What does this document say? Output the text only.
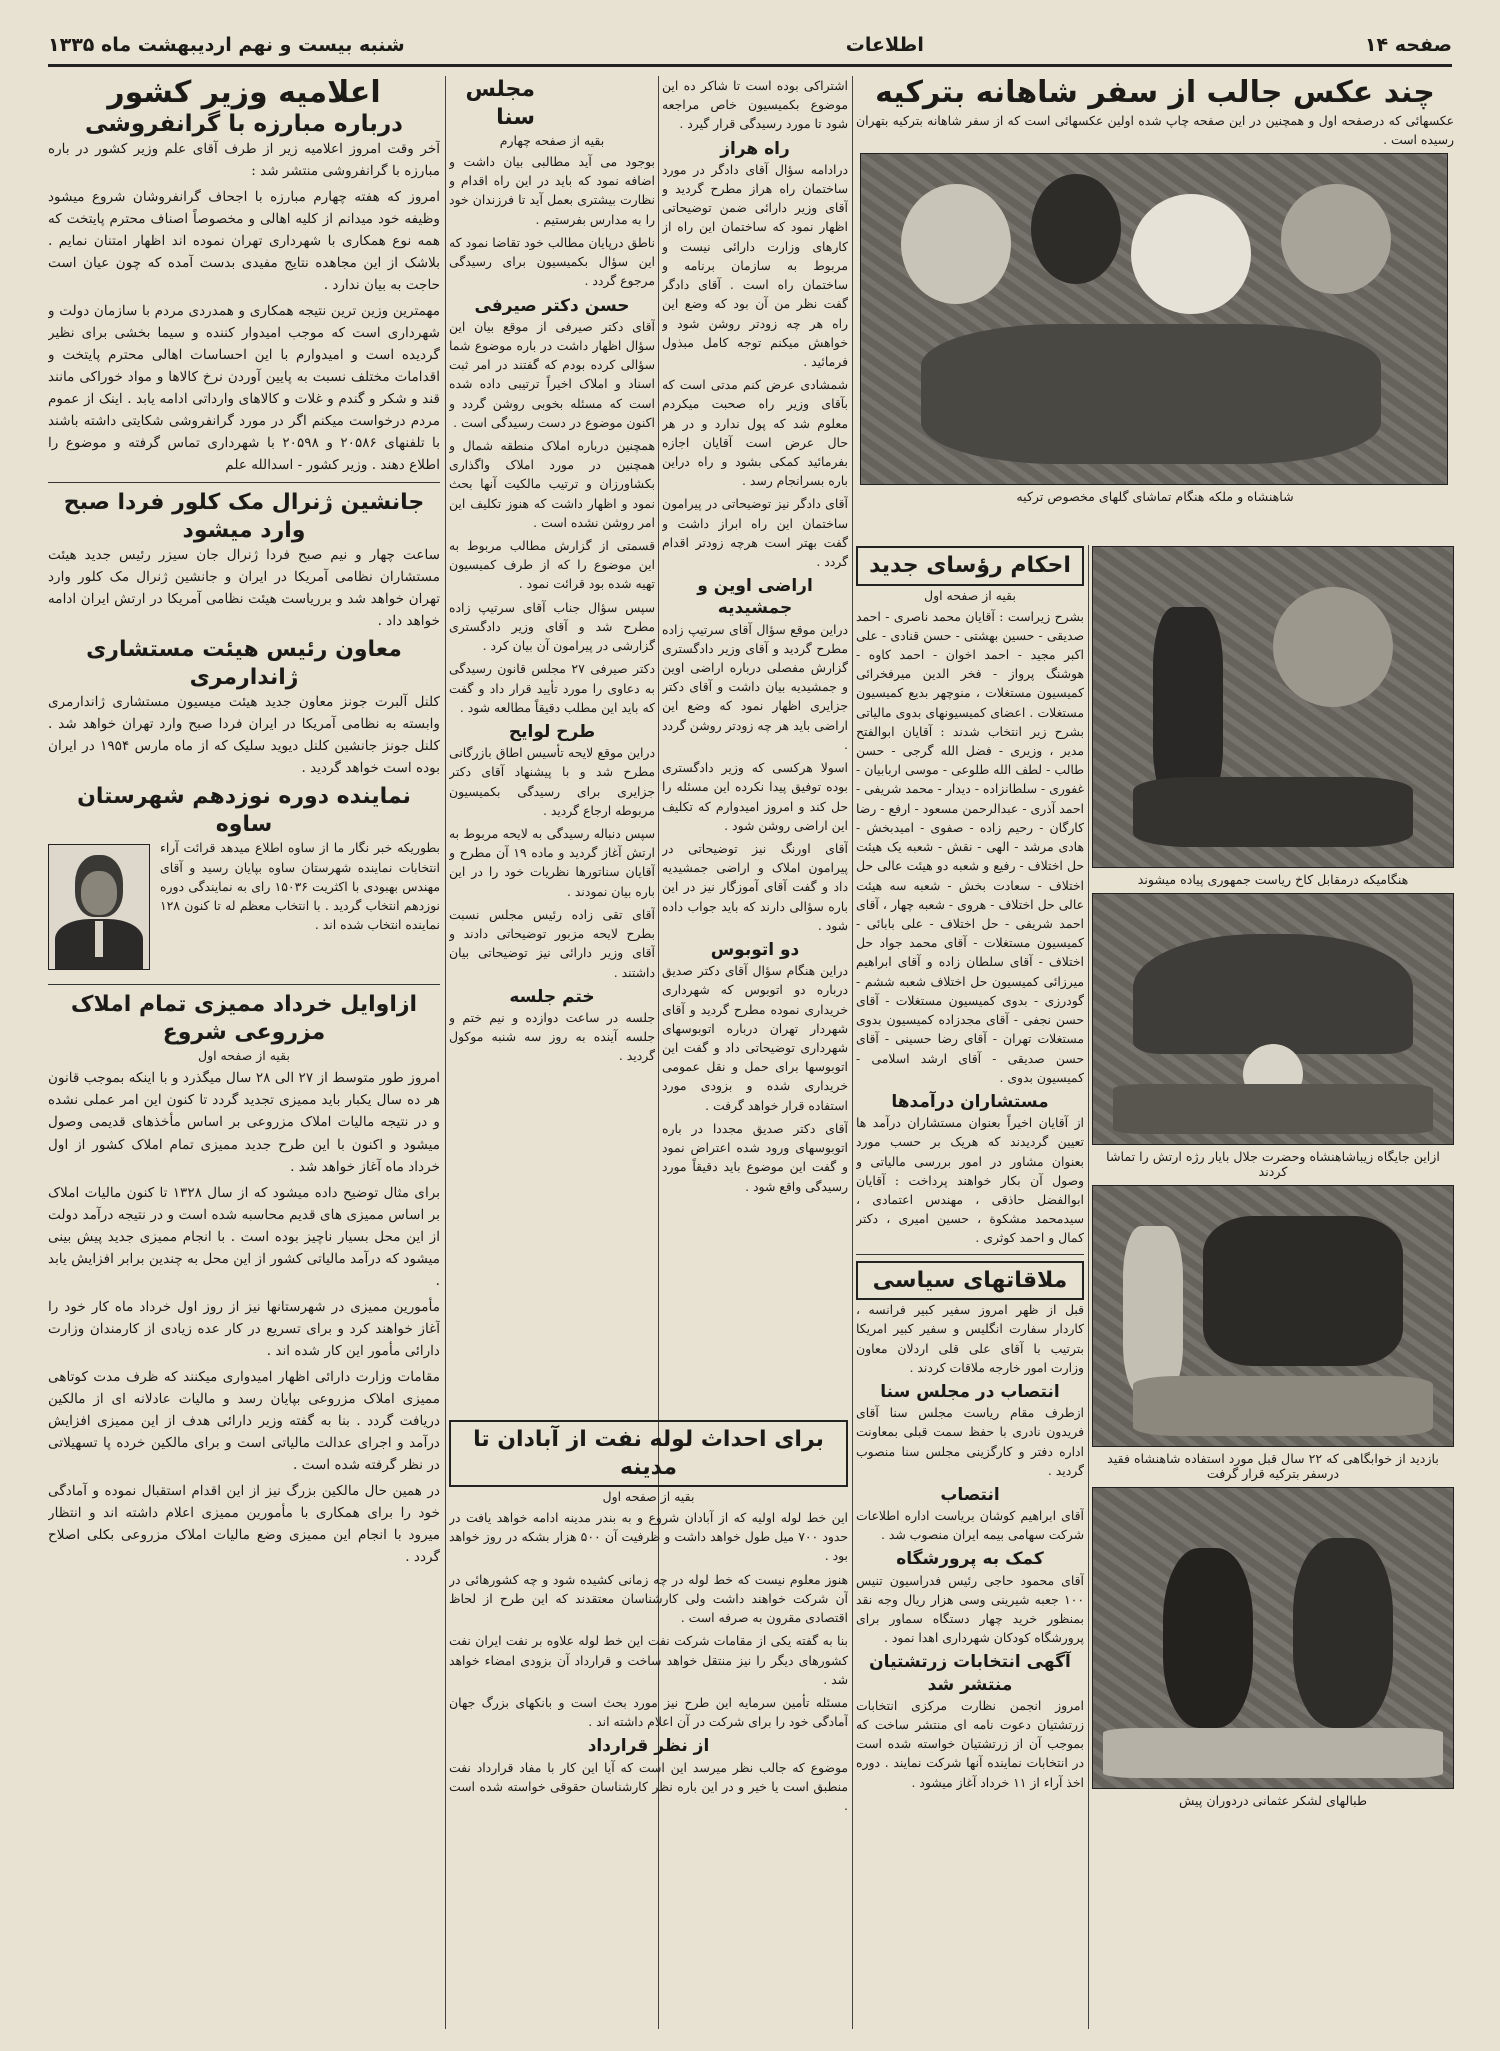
صفحه ۱۴
اطلاعات
شنبه بیست و نهم اردیبهشت ماه ۱۳۳۵
چند عکس جالب از سفر شاهانه بترکیه

عکسهائی که درصفحه اول و همچنین در این صفحه چاپ شده اولین عکسهائی است که از سفر شاهانه بترکیه بتهران رسیده است .

شاهنشاه و ملکه هنگام تماشای گلهای مخصوص ترکیه
هنگامیکه درمقابل کاخ ریاست جمهوری پیاده میشوند
ازاین جایگاه زیباشاهنشاه وحضرت جلال بایار رژه ارتش را تماشا کردند
بازدید از خوابگاهی که ۲۲ سال قبل مورد استفاده شاهنشاه فقید درسفر بترکیه قرار گرفت
طبالهای لشکر عثمانی دردوران پیش
احکام رؤسای جدید
بقیه از صفحه اول

بشرح زیراست : آقایان محمد ناصری - احمد صدیقی - حسین بهشتی - حسن قنادی - علی اکبر مجید - احمد اخوان - احمد کاوه - هوشنگ پرواز - فخر الدین میرفخرائی کمیسیون مستغلات ، منوچهر بدیع کمیسیون مستغلات . اعضای کمیسیونهای بدوی مالیاتی بشرح زیر انتخاب شدند : آقایان ابوالفتح مدیر ، وزیری - فضل الله گرجی - حسن طالب - لطف الله طلوعی - موسی اربابیان - غفوری - سلطانزاده - دیدار - محمد شریفی - احمد آذری - عبدالرحمن مسعود - ارفع - رضا کارگان - رحیم زاده - صفوی - امیدبخش - هادی مرشد - الهی - نقش - شعبه یک هیئت حل اختلاف - رفیع و شعبه دو هیئت عالی حل اختلاف - سعادت بخش - شعبه سه هیئت عالی حل اختلاف - هروی - شعبه چهار ، آقای احمد شریفی - حل اختلاف - علی بابائی - کمیسیون مستغلات - آقای محمد جواد حل اختلاف - آقای سلطان زاده و آقای ابراهیم میرزائی کمیسیون حل اختلاف شعبه ششم - گودرزی - بدوی کمیسیون مستغلات - آقای حسن نجفی - آقای مجدزاده کمیسیون بدوی مستغلات تهران - آقای رضا حسینی - آقای حسن صدیقی - آقای ارشد اسلامی - کمیسیون بدوی .

مستشاران درآمدها

از آقایان اخیراً بعنوان مستشاران درآمد ها تعیین گردیدند که هریک بر حسب مورد بعنوان مشاور در امور بررسی مالیاتی و وصول آن بکار خواهند پرداخت : آقایان ابوالفضل حاذقی ، مهندس اعتمادی ، سیدمحمد مشکوة ، حسین امیری ، دکتر کمال و احمد کوثری .

ملاقاتهای سیاسی

قبل از ظهر امروز سفیر کبیر فرانسه ، کاردار سفارت انگلیس و سفیر کبیر امریکا بترتیب با آقای علی قلی اردلان معاون وزارت امور خارجه ملاقات کردند .

انتصاب در مجلس سنا

ازطرف مقام ریاست مجلس سنا آقای فریدون نادری با حفظ سمت قبلی بمعاونت اداره دفتر و کارگزینی مجلس سنا منصوب گردید .

انتصاب

آقای ابراهیم کوشان برياست اداره اطلاعات شرکت سهامی بیمه ایران منصوب شد .

کمک به پرورشگاه

آقای محمود حاجی رئیس فدراسیون تنیس ۱۰۰ جعبه شیرینی وسی هزار ریال وجه نقد بمنظور خرید چهار دستگاه سماور برای پرورشگاه کودکان شهرداری اهدا نمود .

آگهی انتخابات زرتشتیان منتشر شد

امروز انجمن نظارت مرکزی انتخابات زرتشتیان دعوت نامه ای منتشر ساخت که بموجب آن از زرتشتیان خواسته شده است در انتخابات نماینده آنها شرکت نمایند . دوره اخذ آراء از ۱۱ خرداد آغاز میشود .

اشتراکی بوده است تا شاکر ده این موضوع بکمیسیون خاص مراجعه شود تا مورد رسیدگی قرار گیرد .

راه هراز

درادامه سؤال آقای دادگر در مورد ساختمان راه هراز مطرح گردید و آقای وزیر دارائی ضمن توضیحاتی اظهار نمود که ساختمان این راه از کارهای وزارت دارائی نیست و مربوط به سازمان برنامه و ساختمان راه است . آقای دادگر گفت نظر من آن بود که وضع این راه هر چه زودتر روشن شود و خواهش میکنم توجه کامل مبذول فرمائید .

شمشادی عرض کنم مدتی است که بآقای وزیر راه صحبت میکردم معلوم شد که پول ندارد و در هر حال عرض است آقایان اجازه بفرمائید کمکی بشود و راه دراین باره بسرانجام رسد .

آقای دادگر نیز توضیحاتی در پیرامون ساختمان این راه ابراز داشت و گفت بهتر است هرچه زودتر اقدام گردد .

اراضی اوین و جمشیدیه

دراین موقع سؤال آقای سرتیپ زاده مطرح گردید و آقای وزیر دادگستری گزارش مفصلی درباره اراضی اوین و جمشیدیه بیان داشت و آقای دکتر جزایری اظهار نمود که وضع این اراضی باید هر چه زودتر روشن گردد .

اسولا هرکسی که وزیر دادگستری بوده توفیق پیدا نکرده این مسئله را حل کند و امروز امیدوارم که تکلیف این اراضی روشن شود .

آقای اورنگ نیز توضیحاتی در پیرامون املاک و اراضی جمشیدیه داد و گفت آقای آموزگار نیز در این باره سؤالی دارند که باید جواب داده شود .

دو اتوبوس

دراین هنگام سؤال آقای دکتر صدیق درباره دو اتوبوس که شهرداری خریداری نموده مطرح گردید و آقای شهردار تهران درباره اتوبوسهای شهرداری توضیحاتی داد و گفت این اتوبوسها برای حمل و نقل عمومی خریداری شده و بزودی مورد استفاده قرار خواهد گرفت .

آقای دکتر صدیق مجددا در باره اتوبوسهای ورود شده اعتراض نمود و گفت این موضوع باید دقیقاً مورد رسیدگی واقع شود .

مجلس سنا
بقیه از صفحه چهارم

بوجود می آید مطالبی بیان داشت و اضافه نمود که باید در این راه اقدام و نظارت بیشتری بعمل آید تا فرزندان خود را به مدارس بفرستیم .

ناطق درپایان مطالب خود تقاضا نمود که این سؤال بکمیسیون برای رسیدگی مرجوع گردد .

حسن دکتر صیرفی

آقای دکتر صیرفی از موقع بیان این سؤال اظهار داشت در باره موضوع شما سؤالی کرده بودم که گفتند در امر ثبت اسناد و املاک اخیراً ترتیبی داده شده است که مسئله بخوبی روشن گردد و اکنون موضوع در دست رسیدگی است .

همچنین درباره املاک منطقه شمال و همچنین در مورد املاک واگذاری بکشاورزان و ترتیب مالکیت آنها بحث نمود و اظهار داشت که هنوز تکلیف این امر روشن نشده است .

قسمتی از گزارش مطالب مربوط به این موضوع را که از طرف کمیسیون تهیه شده بود قرائت نمود .

سپس سؤال جناب آقای سرتیپ زاده مطرح شد و آقای وزیر دادگستری گزارشی در پیرامون آن بیان کرد .

دکتر صیرفی ۲۷ مجلس قانون رسیدگی به دعاوی را مورد تأیید قرار داد و گفت که باید این مطلب دقیقاً مطالعه شود .

طرح لوایح

دراین موقع لایحه تأسیس اطاق بازرگانی مطرح شد و با پیشنهاد آقای دکتر جزایری برای رسیدگی بکمیسیون مربوطه ارجاع گردید .

سپس دنباله رسیدگی به لایحه مربوط به ارتش آغاز گردید و ماده ۱۹ آن مطرح و آقایان سناتورها نظریات خود را در این باره بیان نمودند .

آقای تقی زاده رئیس مجلس نسبت بطرح لایحه مزبور توضیحاتی دادند و آقای وزیر دارائی نیز توضیحاتی بیان داشتند .

ختم جلسه

جلسه در ساعت دوازده و نیم ختم و جلسه آینده به روز سه شنبه موکول گردید .

برای احداث لوله نفت از آبادان تا مدینه
بقیه از صفحه اول

این خط لوله اولیه که از آبادان شروع و به بندر مدینه ادامه خواهد یافت در حدود ۷۰۰ میل طول خواهد داشت و ظرفیت آن ۵۰۰ هزار بشکه در روز خواهد بود .

هنوز معلوم نیست که خط لوله در چه زمانی کشیده شود و چه کشورهائی در آن شرکت خواهند داشت ولی کارشناسان معتقدند که این طرح از لحاظ اقتصادی مقرون به صرفه است .

بنا به گفته یکی از مقامات شرکت نفت این خط لوله علاوه بر نفت ایران نفت کشورهای دیگر را نیز منتقل خواهد ساخت و قرارداد آن بزودی امضاء خواهد شد .

مسئله تأمین سرمایه این طرح نیز مورد بحث است و بانکهای بزرگ جهان آمادگی خود را برای شرکت در آن اعلام داشته اند .

از نظر قرارداد

موضوع که جالب نظر میرسد این است که آیا این کار با مفاد قرارداد نفت منطبق است یا خیر و در این باره نظر کارشناسان حقوقی خواسته شده است .

اعلامیه وزیر کشور
درباره مبارزه با گرانفروشی

آخر وقت امروز اعلامیه زیر از طرف آقای علم وزیر کشور در باره مبارزه با گرانفروشی منتشر شد :

امروز که هفته چهارم مبارزه با اجحاف گرانفروشان شروع میشود وظیفه خود میدانم از کلیه اهالی و مخصوصاً اصناف محترم پایتخت که همه نوع همکاری با شهرداری تهران نموده اند اظهار امتنان نمایم . بلاشک از این مجاهده نتایج مفیدی بدست آمده که چون عیان است حاجت به بیان ندارد .

مهمترین وزین ترین نتیجه همکاری و همدردی مردم با سازمان دولت و شهرداری است که موجب امیدوار کننده و سیما بخشی برای نظیر گردیده است و امیدوارم با این احساسات اهالی محترم پایتخت و اقدامات مختلف نسبت به پایین آوردن نرخ کالاها و مواد خوراکی مانند قند و شکر و گندم و غلات و کالاهای وارداتی ادامه یابد . اینک از عموم مردم درخواست میکنم اگر در مورد گرانفروشی شکایتی داشته باشند با تلفنهای ۲۰۵۸۶ و ۲۰۵۹۸ با شهرداری تماس گرفته و موضوع را اطلاع دهند . وزیر کشور - اسدالله علم

جانشین ژنرال مک کلور فردا صبح وارد میشود

ساعت چهار و نیم صبح فردا ژنرال جان سیزر رئیس جدید هیئت مستشاران نظامی آمریکا در ایران و جانشین ژنرال مک کلور وارد تهران خواهد شد و برریاست هیئت نظامی آمریکا در ارتش ایران ادامه خواهد داد .

معاون رئیس هیئت مستشاری ژاندارمری

کلنل آلبرت جونز معاون جدید هیئت میسیون مستشاری ژاندارمری وابسته به نظامی آمریکا در ایران فردا صبح وارد تهران خواهد شد . کلنل جونز جانشین کلنل دیوید سلیک که از ماه مارس ۱۹۵۴ در ایران بوده است خواهد گردید .

نماینده دوره نوزدهم شهرستان ساوه

بطوریکه خبر نگار ما از ساوه اطلاع میدهد قرائت آراء انتخابات نماینده شهرستان ساوه بپایان رسید و آقای مهندس بهبودی با اکثریت ۱۵۰۳۶ رای به نمایندگی دوره نوزدهم انتخاب گردید . با انتخاب معظم له تا کنون ۱۲۸ نماینده انتخاب شده اند .

ازاوایل خرداد ممیزی تمام املاک مزروعی شروع
بقیه از صفحه اول

امروز طور متوسط از ۲۷ الی ۲۸ سال میگذرد و با اینکه بموجب قانون هر ده سال یکبار باید ممیزی تجدید گردد تا کنون این امر عملی نشده و در نتیجه مالیات املاک مزروعی بر اساس مأخذهای قدیمی وصول میشود و اکنون با این طرح جدید ممیزی تمام املاک کشور از اول خرداد ماه آغاز خواهد شد .

برای مثال توضیح داده میشود که از سال ۱۳۲۸ تا کنون مالیات املاک بر اساس ممیزی های قدیم محاسبه شده است و در نتیجه درآمد دولت از این محل بسیار ناچیز بوده است . با انجام ممیزی جدید پیش بینی میشود که درآمد مالیاتی کشور از این محل به چندین برابر افزایش یابد .

مأمورین ممیزی در شهرستانها نیز از روز اول خرداد ماه کار خود را آغاز خواهند کرد و برای تسریع در کار عده زیادی از کارمندان وزارت دارائی مأمور این کار شده اند .

مقامات وزارت دارائی اظهار امیدواری میکنند که ظرف مدت کوتاهی ممیزی املاک مزروعی بپایان رسد و مالیات عادلانه ای از مالکین دریافت گردد . بنا به گفته وزیر دارائی هدف از این ممیزی افزایش درآمد و اجرای عدالت مالیاتی است و برای مالکین خرده پا تسهیلاتی در نظر گرفته شده است .

در همین حال مالکین بزرگ نیز از این اقدام استقبال نموده و آمادگی خود را برای همکاری با مأمورین ممیزی اعلام داشته اند و انتظار میرود با انجام این ممیزی وضع مالیات املاک مزروعی بکلی اصلاح گردد .
